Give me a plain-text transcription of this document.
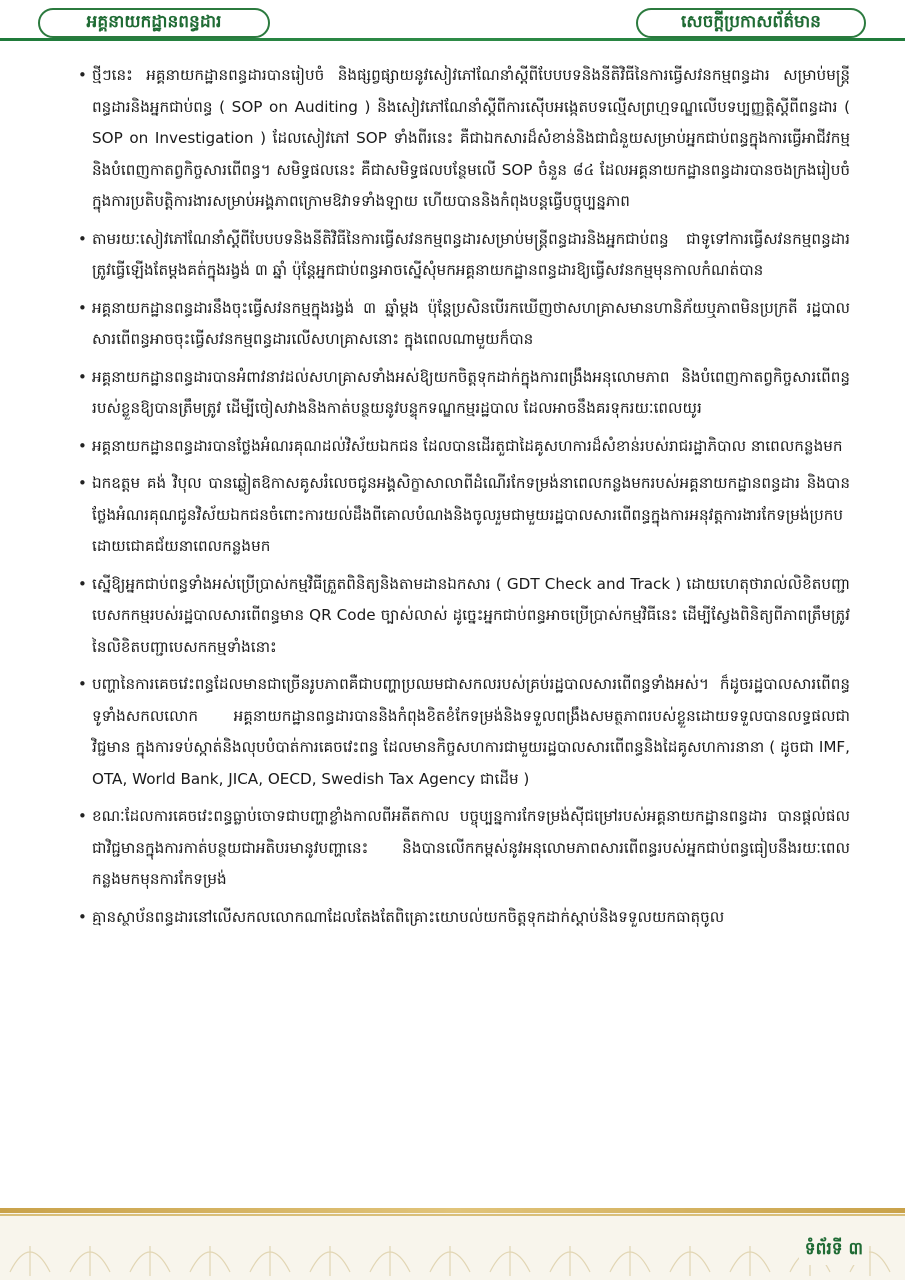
អគ្គនាយកដ្ឋានពន្ធដារ	សេចក្តីប្រកាសព័ត៌មាន
• ថ្មីៗនេះ អគ្គនាយកដ្ឋានពន្ធដារបានរៀបចំ និងផ្សព្វផ្សាយនូវសៀវភៅណែនាំស្តីពីបែបបទនិងនីតិវិធីនៃការធ្វើសវនកម្មពន្ធដារ សម្រាប់មន្ត្រីពន្ធដារនិងអ្នកជាប់ពន្ធ ( SOP on Auditing ) និងសៀវភៅណែនាំស្តីពីការស៊ើបអង្កេតបទល្មើសព្រហ្មទណ្ឌលើបទប្បញ្ញត្តិស្តីពីពន្ធដារ ( SOP on Investigation ) ដែលសៀវភៅ SOP ទាំងពីរនេះ គឺជាឯកសារដ៏សំខាន់និងជាជំនួយសម្រាប់អ្នកជាប់ពន្ធក្នុងការធ្វើអាជីវកម្មនិងបំពេញកាតព្វកិច្ចសារពើពន្ធ។ សមិទ្ធផលនេះ គឺជាសមិទ្ធផលបន្ថែមលើ SOP ចំនួន ៨៤ ដែលអគ្គនាយកដ្ឋានពន្ធដារបានចងក្រងរៀបចំក្នុងការប្រតិបត្តិការងារសម្រាប់អង្គភាពក្រោមឱវាទទាំងឡាយ ហើយបាននិងកំពុងបន្តធ្វើបច្ចុប្បន្នភាព
• តាមរយៈសៀវភៅណែនាំស្តីពីបែបបទនិងនីតិវិធីនៃការធ្វើសវនកម្មពន្ធដារសម្រាប់មន្ត្រីពន្ធដារនិងអ្នកជាប់ពន្ធ ជាទូទៅការធ្វើសវនកម្មពន្ធដារត្រូវធ្វើឡើងតែម្តងគត់ក្នុងរង្វង់ ៣ ឆ្នាំ ប៉ុន្តែអ្នកជាប់ពន្ធអាចស្នើសុំមកអគ្គនាយកដ្ឋានពន្ធដារឱ្យធ្វើសវនកម្មមុនកាលកំណត់បាន
• អគ្គនាយកដ្ឋានពន្ធដារនឹងចុះធ្វើសវនកម្មក្នុងរង្វង់ ៣ ឆ្នាំម្តង ប៉ុន្តែប្រសិនបើរកឃើញថាសហគ្រាសមានហានិភ័យឬភាពមិនប្រក្រតី រដ្ឋបាលសារពើពន្ធអាចចុះធ្វើសវនកម្មពន្ធដារលើសហគ្រាសនោះ ក្នុងពេលណាមួយក៏បាន
• អគ្គនាយកដ្ឋានពន្ធដារបានអំពាវនាវដល់សហគ្រាសទាំងអស់ឱ្យយកចិត្តទុកដាក់ក្នុងការពង្រឹងអនុលោមភាព និងបំពេញកាតព្វកិច្ចសារពើពន្ធរបស់ខ្លួនឱ្យបានត្រឹមត្រូវ ដើម្បីចៀសវាងនិងកាត់បន្ថយនូវបន្ទុកទណ្ឌកម្មរដ្ឋបាល ដែលអាចនឹងគរទុករយៈពេលយូរ
• អគ្គនាយកដ្ឋានពន្ធដារបានថ្លែងអំណរគុណដល់វិស័យឯកជន ដែលបានដើរតួជាដៃគូសហការដ៏សំខាន់របស់រាជរដ្ឋាភិបាល នាពេលកន្លងមក
• ឯកឧត្តម គង់ វិបុល បានឆ្លៀតឱកាសគូសរំលេចជូនអង្គសិក្ខាសាលាពីដំណើរកែទម្រង់នាពេលកន្លងមករបស់អគ្គនាយកដ្ឋានពន្ធដារ និងបានថ្លែងអំណរគុណជូនវិស័យឯកជនចំពោះការយល់ដឹងពីគោលបំណងនិងចូលរួមជាមួយរដ្ឋបាលសារពើពន្ធក្នុងការអនុវត្តការងារកែទម្រង់ប្រកបដោយជោគជ័យនាពេលកន្លងមក
• ស្នើឱ្យអ្នកជាប់ពន្ធទាំងអស់ប្រើប្រាស់កម្មវិធីត្រួតពិនិត្យនិងតាមដានឯកសារ ( GDT Check and Track ) ដោយហេតុថារាល់លិខិតបញ្ជាបេសកកម្មរបស់រដ្ឋបាលសារពើពន្ធមាន QR Code ច្បាស់លាស់ ដូច្នេះអ្នកជាប់ពន្ធអាចប្រើប្រាស់កម្មវិធីនេះ ដើម្បីស្វែងពិនិត្យពីភាពត្រឹមត្រូវនៃលិខិតបញ្ជាបេសកកម្មទាំងនោះ
• បញ្ហានៃការគេចវេះពន្ធដែលមានជាច្រើនរូបភាពគឺជាបញ្ហាប្រឈមជាសកលរបស់គ្រប់រដ្ឋបាលសារពើពន្ធទាំងអស់។ ក៏ដូចរដ្ឋបាលសារពើពន្ធទូទាំងសកលលោក អគ្គនាយកដ្ឋានពន្ធដារបាននិងកំពុងខិតខំកែទម្រង់និងទទួលពង្រឹងសមត្ថភាពរបស់ខ្លួនដោយទទួលបានលទ្ធផលជាវិជ្ជមាន ក្នុងការទប់ស្កាត់និងលុបបំបាត់ការគេចវេះពន្ធ ដែលមានកិច្ចសហការជាមួយរដ្ឋបាលសារពើពន្ធនិងដៃគូសហការនានា ( ដូចជា IMF, OTA, World Bank, JICA, OECD, Swedish Tax Agency ជាដើម )
• ខណៈដែលការគេចវេះពន្ធធ្លាប់ចោទជាបញ្ហាខ្លាំងកាលពីអតីតកាល បច្ចុប្បន្នការកែទម្រង់ស៊ីជម្រៅរបស់អគ្គនាយកដ្ឋានពន្ធដារ បានផ្តល់ផលជាវិជ្ជមានក្នុងការកាត់បន្ថយជាអតិបរមានូវបញ្ហានេះ និងបានលើកកម្ពស់នូវអនុលោមភាពសារពើពន្ធរបស់អ្នកជាប់ពន្ធធៀបនឹងរយៈពេលកន្លងមកមុនការកែទម្រង់
• គ្មានស្ថាប័នពន្ធដារនៅលើសកលលោកណាដែលតែងតែពិគ្រោះយោបល់យកចិត្តទុកដាក់ស្តាប់និងទទួលយកធាតុចូល
ទំព័រទី ៣
